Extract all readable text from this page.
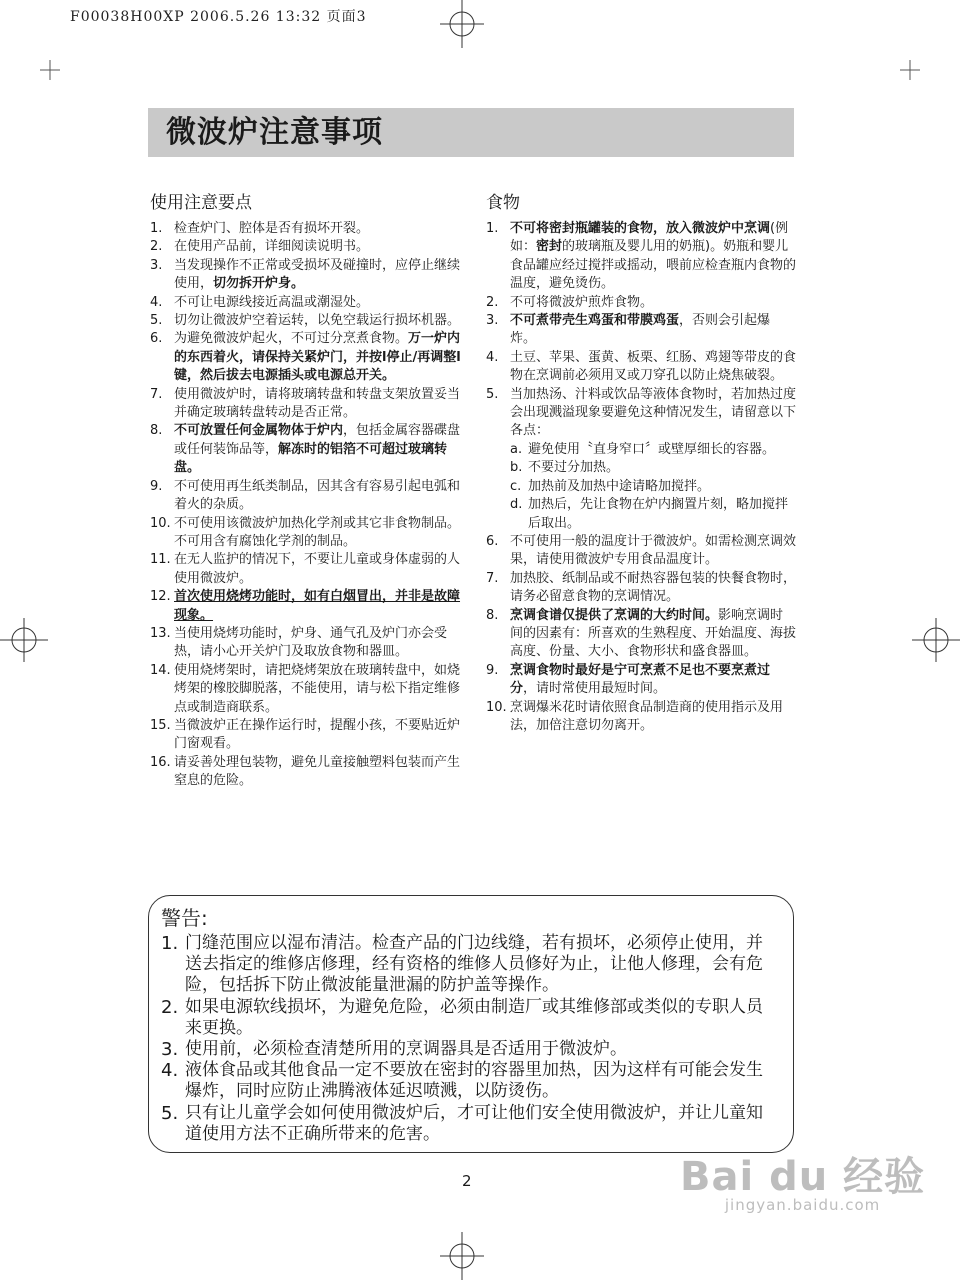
F00038H00XP 2006.5.26 13:32 页面3
微波炉注意事项
使用注意要点
1. 检查炉门、腔体是否有损坏开裂。
2. 在使用产品前，详细阅读说明书。
3. 当发现操作不正常或受损坏及碰撞时，应停止继续使用，切勿拆开炉身。
4. 不可让电源线接近高温或潮湿处。
5. 切勿让微波炉空着运转，以免空载运行损坏机器。
6. 为避免微波炉起火，不可过分烹煮食物。万一炉内的东西着火，请保持关紧炉门，并按l停止/再调整l键，然后拔去电源插头或电源总开关。
7. 使用微波炉时，请将玻璃转盘和转盘支架放置妥当并确定玻璃转盘转动是否正常。
8. 不可放置任何金属物体于炉内，包括金属容器碟盘或任何装饰品等，解冻时的铝箔不可超过玻璃转盘。
9. 不可使用再生纸类制品，因其含有容易引起电弧和着火的杂质。
10. 不可使用该微波炉加热化学剂或其它非食物制品。不可用含有腐蚀化学剂的制品。
11. 在无人监护的情况下，不要让儿童或身体虚弱的人使用微波炉。
12. 首次使用烧烤功能时，如有白烟冒出，并非是故障现象。
13. 当使用烧烤功能时，炉身、通气孔及炉门亦会受热，请小心开关炉门及取放食物和器皿。
14. 使用烧烤架时，请把烧烤架放在玻璃转盘中，如烧烤架的橡胶脚脱落，不能使用，请与松下指定维修点或制造商联系。
15. 当微波炉正在操作运行时，提醒小孩，不要贴近炉门窗观看。
16. 请妥善处理包装物，避免儿童接触塑料包装而产生窒息的危险。
食物
1. 不可将密封瓶罐装的食物，放入微波炉中烹调(例如：密封的玻璃瓶及婴儿用的奶瓶)。奶瓶和婴儿食品罐应经过搅拌或摇动，喂前应检查瓶内食物的温度，避免烫伤。
2. 不可将微波炉煎炸食物。
3. 不可煮带壳生鸡蛋和带膜鸡蛋，否则会引起爆炸。
4. 土豆、苹果、蛋黄、板栗、红肠、鸡翅等带皮的食物在烹调前必须用叉或刀穿孔以防止烧焦破裂。
5. 当加热汤、汁料或饮品等液体食物时，若加热过度会出现溅溢现象要避免这种情况发生，请留意以下各点：
a. 避免使用〝直身窄口〞或壁厚细长的容器。
b. 不要过分加热。
c. 加热前及加热中途请略加搅拌。
d. 加热后，先让食物在炉内搁置片刻，略加搅拌后取出。
6. 不可使用一般的温度计于微波炉。如需检测烹调效果，请使用微波炉专用食品温度计。
7. 加热胶、纸制品或不耐热容器包装的快餐食物时，请务必留意食物的烹调情况。
8. 烹调食谱仅提供了烹调的大约时间。影响烹调时间的因素有：所喜欢的生熟程度、开始温度、海拔高度、份量、大小、食物形状和盛食器皿。
9. 烹调食物时最好是宁可烹煮不足也不要烹煮过分，请时常使用最短时间。
10. 烹调爆米花时请依照食品制造商的使用指示及用法，加倍注意切勿离开。
警告:
1. 门缝范围应以湿布清洁。检查产品的门边线缝，若有损坏，必须停止使用，并送去指定的维修店修理，经有资格的维修人员修好为止，让他人修理，会有危险，包括拆下防止微波能量泄漏的防护盖等操作。
2. 如果电源软线损坏，为避免危险，必须由制造厂或其维修部或类似的专职人员来更换。
3. 使用前，必须检查清楚所用的烹调器具是否适用于微波炉。
4. 液体食品或其他食品一定不要放在密封的容器里加热，因为这样有可能会发生爆炸，同时应防止沸腾液体延迟喷溅，以防烫伤。
5. 只有让儿童学会如何使用微波炉后，才可让他们安全使用微波炉，并让儿童知道使用方法不正确所带来的危害。
2	Bai du 经验
jingyan.baidu.com
